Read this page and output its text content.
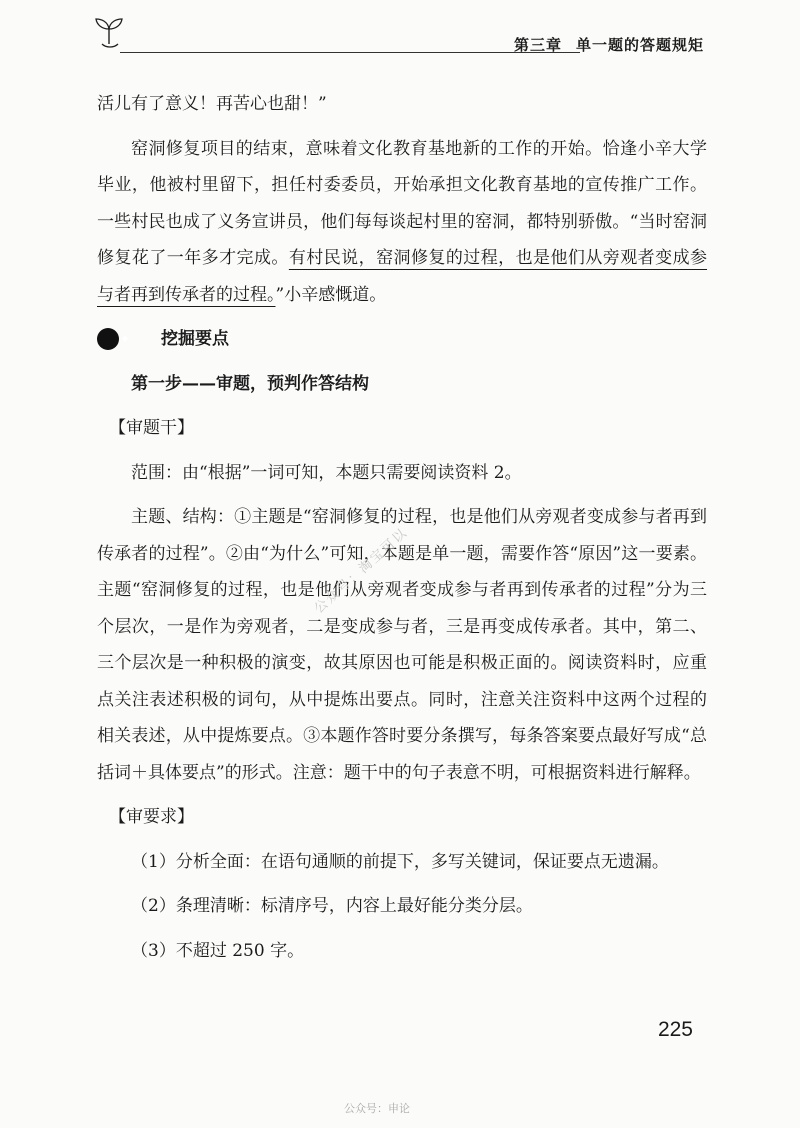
第三章 单一题的答题规矩

活儿有了意义！再苦心也甜！”

窑洞修复项目的结束，意味着文化教育基地新的工作的开始。恰逢小辛大学毕业，他被村里留下，担任村委委员，开始承担文化教育基地的宣传推广工作。一些村民也成了义务宣讲员，他们每每谈起村里的窑洞，都特别骄傲。“当时窑洞修复花了一年多才完成。有村民说，窑洞修复的过程，也是他们从旁观者变成参与者再到传承者的过程。”小辛感慨道。

✦	挖掘要点

第一步——审题，预判作答结构

【审题干】

范围：由“根据”一词可知，本题只需要阅读资料 2。

主题、结构：①主题是“窑洞修复的过程，也是他们从旁观者变成参与者再到传承者的过程”。②由“为什么”可知，本题是单一题，需要作答“原因”这一要素。主题“窑洞修复的过程，也是他们从旁观者变成参与者再到传承者的过程”分为三个层次，一是作为旁观者，二是变成参与者，三是再变成传承者。其中，第二、三个层次是一种积极的演变，故其原因也可能是积极正面的。阅读资料时，应重点关注表述积极的词句，从中提炼出要点。同时，注意关注资料中这两个过程的相关表述，从中提炼要点。③本题作答时要分条撰写，每条答案要点最好写成“总括词＋具体要点”的形式。注意：题干中的句子表意不明，可根据资料进行解释。

【审要求】

（1）分析全面：在语句通顺的前提下，多写关键词，保证要点无遗漏。

（2）条理清晰：标清序号，内容上最好能分类分层。

（3）不超过 250 字。

公众号：淘宝可以
225
公众号：申论
